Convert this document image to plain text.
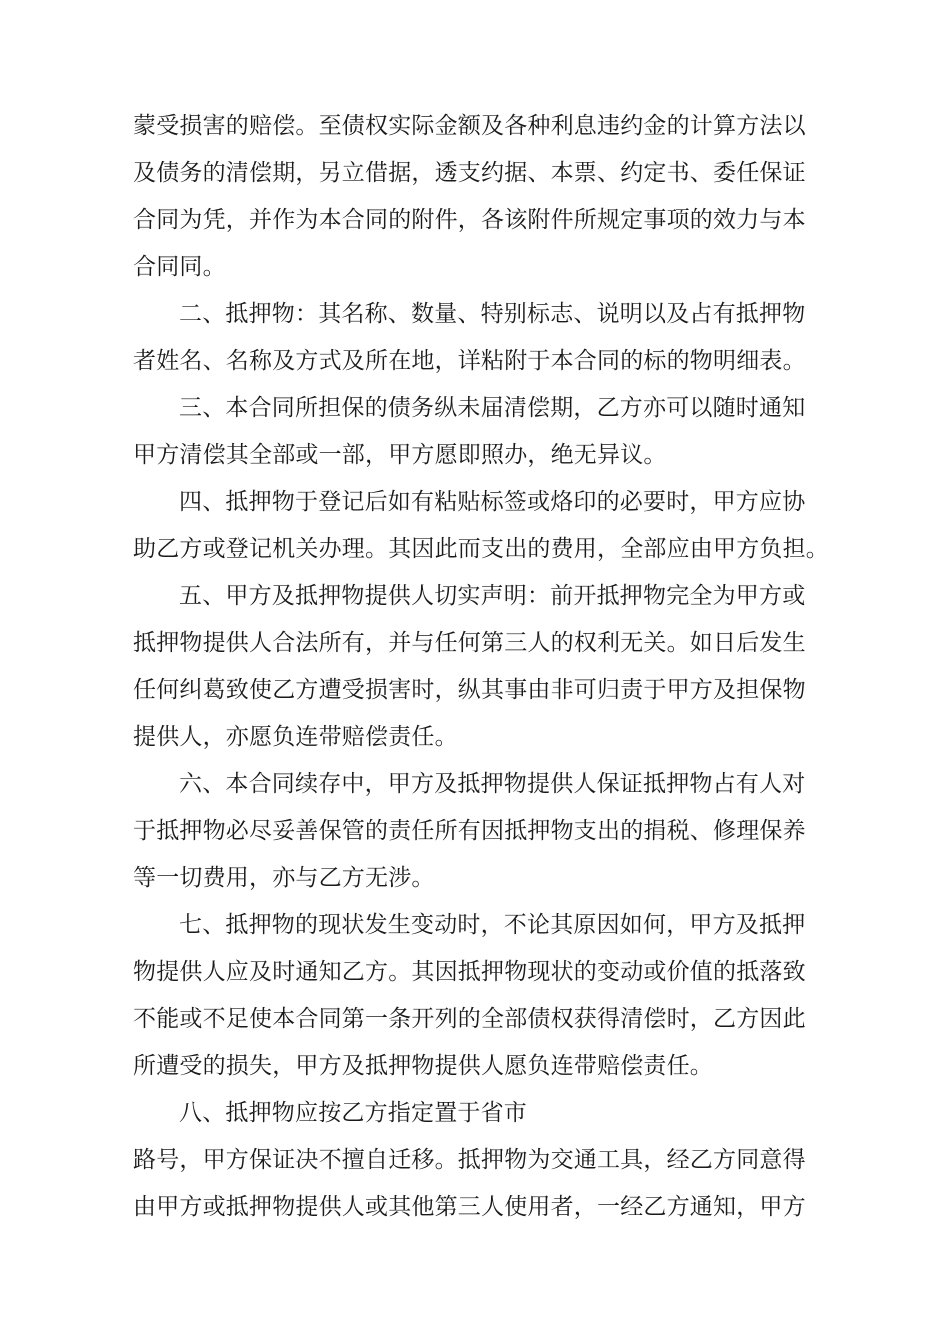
蒙受损害的赔偿。至债权实际金额及各种利息违约金的计算方法以
及债务的清偿期，另立借据，透支约据、本票、约定书、委任保证
合同为凭，并作为本合同的附件，各该附件所规定事项的效力与本
合同同。
二、抵押物：其名称、数量、特别标志、说明以及占有抵押物
者姓名、名称及方式及所在地，详粘附于本合同的标的物明细表。
三、本合同所担保的债务纵未届清偿期，乙方亦可以随时通知
甲方清偿其全部或一部，甲方愿即照办，绝无异议。
四、抵押物于登记后如有粘贴标签或烙印的必要时，甲方应协
助乙方或登记机关办理。其因此而支出的费用，全部应由甲方负担。
五、甲方及抵押物提供人切实声明：前开抵押物完全为甲方或
抵押物提供人合法所有，并与任何第三人的权利无关。如日后发生
任何纠葛致使乙方遭受损害时，纵其事由非可归责于甲方及担保物
提供人，亦愿负连带赔偿责任。
六、本合同续存中，甲方及抵押物提供人保证抵押物占有人对
于抵押物必尽妥善保管的责任所有因抵押物支出的捐税、修理保养
等一切费用，亦与乙方无涉。
七、抵押物的现状发生变动时，不论其原因如何，甲方及抵押
物提供人应及时通知乙方。其因抵押物现状的变动或价值的抵落致
不能或不足使本合同第一条开列的全部债权获得清偿时，乙方因此
所遭受的损失，甲方及抵押物提供人愿负连带赔偿责任。
八、抵押物应按乙方指定置于省市
路号，甲方保证决不擅自迁移。抵押物为交通工具，经乙方同意得
由甲方或抵押物提供人或其他第三人使用者，一经乙方通知，甲方
